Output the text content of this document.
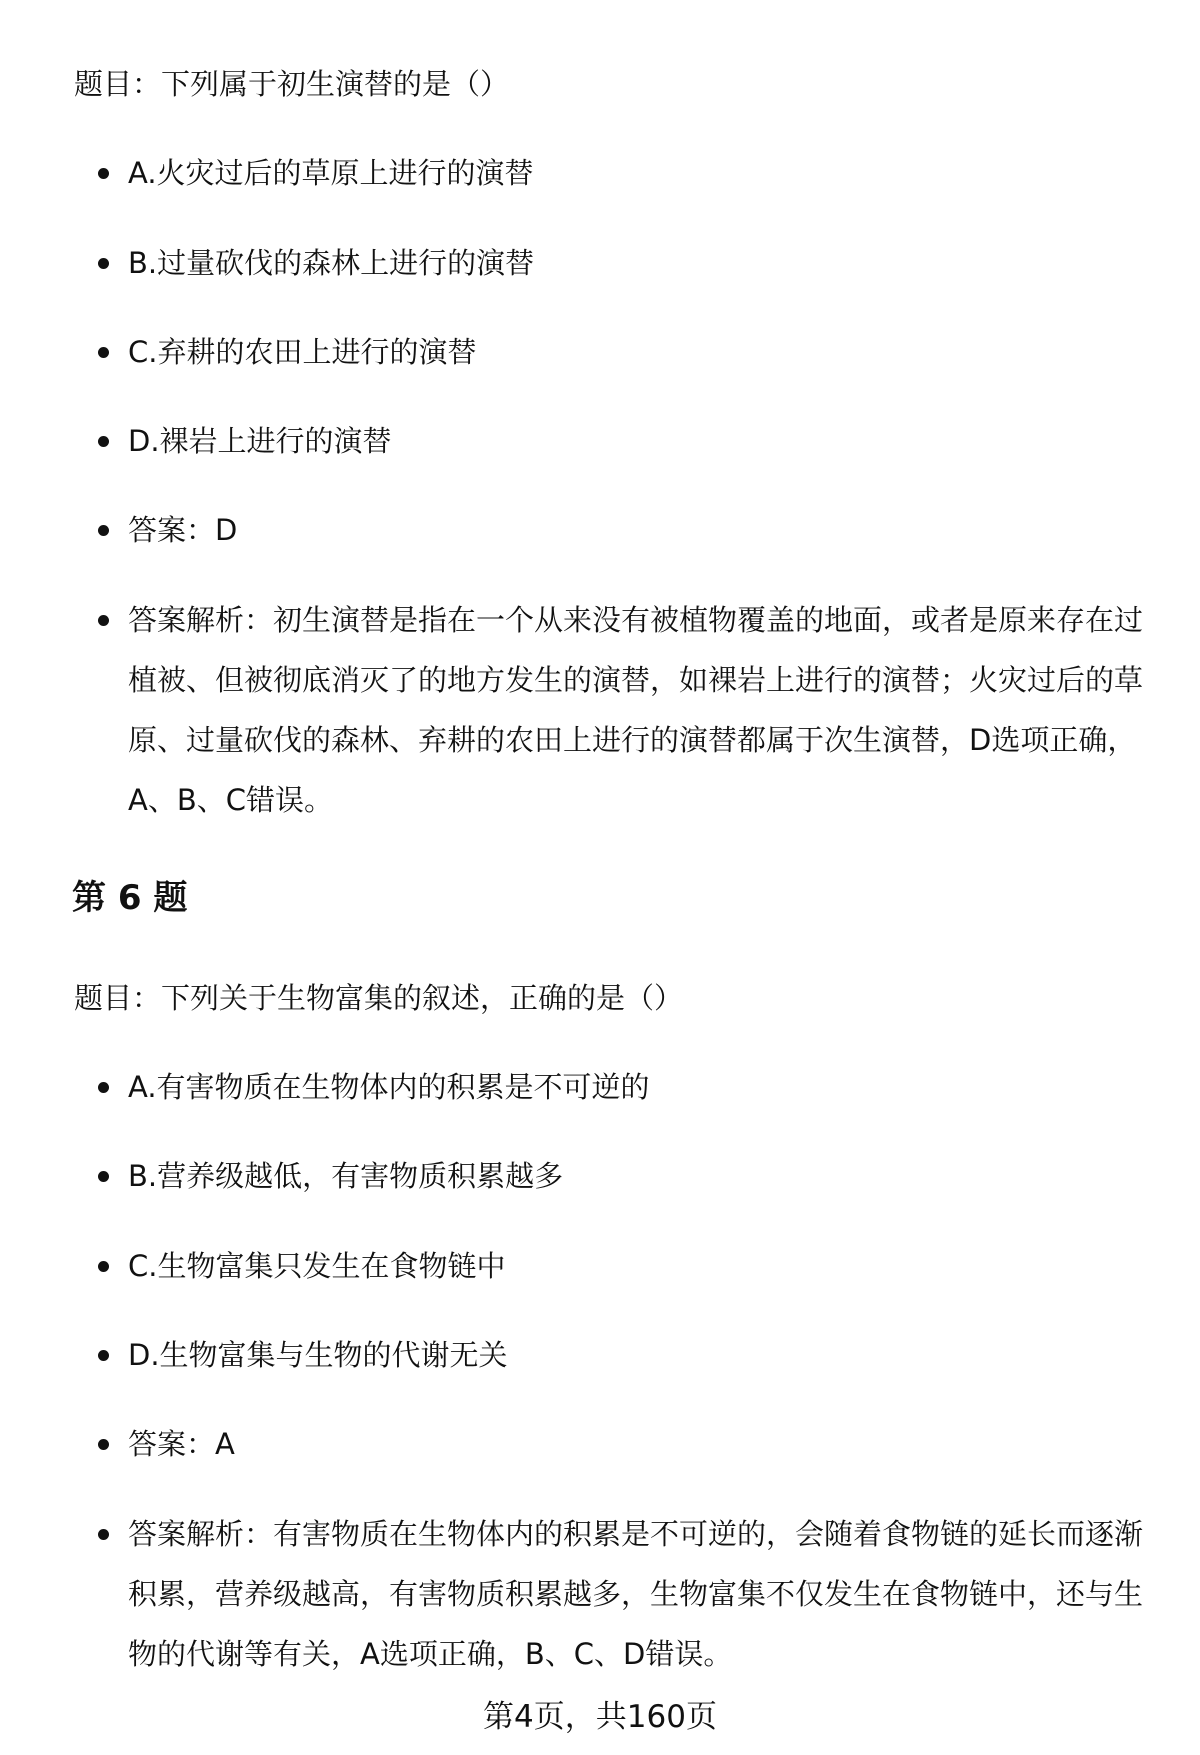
题目：下列属于初生演替的是（）
A.火灾过后的草原上进行的演替
B.过量砍伐的森林上进行的演替
C.弃耕的农田上进行的演替
D.裸岩上进行的演替
答案：D
答案解析：初生演替是指在一个从来没有被植物覆盖的地面，或者是原来存在过植被、但被彻底消灭了的地方发生的演替，如裸岩上进行的演替；火灾过后的草原、过量砍伐的森林、弃耕的农田上进行的演替都属于次生演替，D选项正确，A、B、C错误。
第 6 题
题目：下列关于生物富集的叙述，正确的是（）
A.有害物质在生物体内的积累是不可逆的
B.营养级越低，有害物质积累越多
C.生物富集只发生在食物链中
D.生物富集与生物的代谢无关
答案：A
答案解析：有害物质在生物体内的积累是不可逆的，会随着食物链的延长而逐渐积累，营养级越高，有害物质积累越多，生物富集不仅发生在食物链中，还与生物的代谢等有关，A选项正确，B、C、D错误。
第4页，共160页
